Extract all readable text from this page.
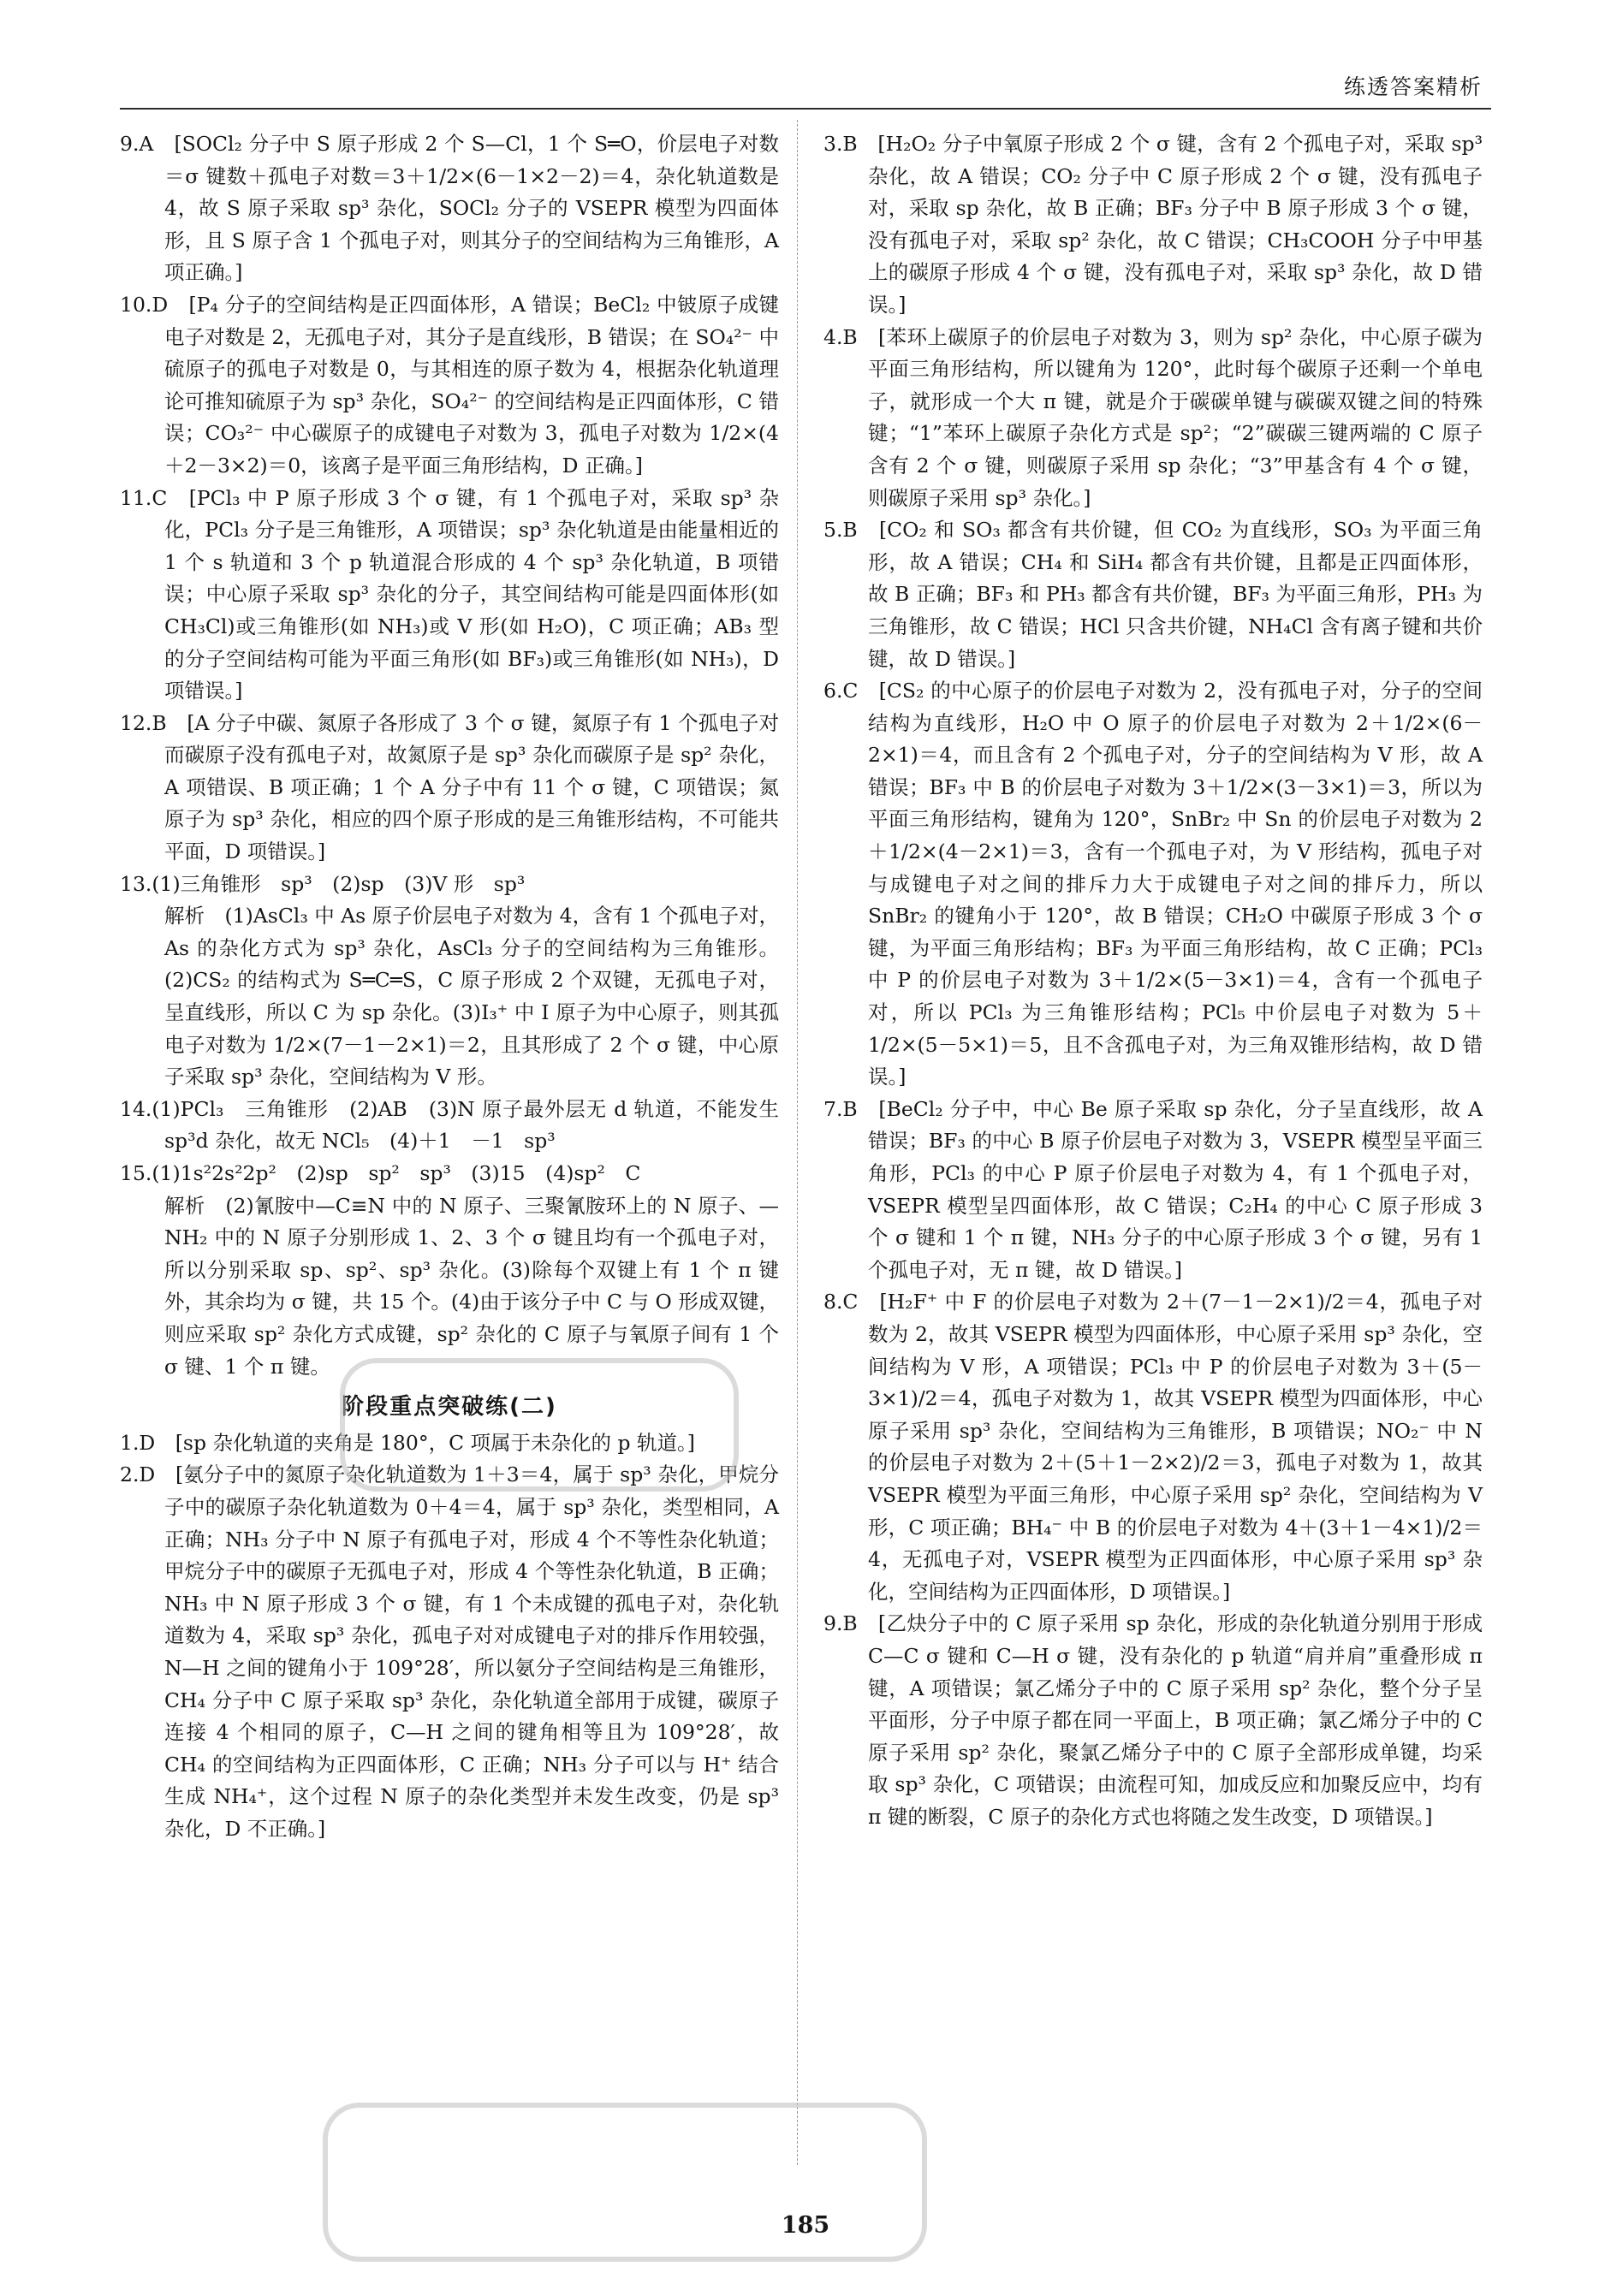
练透答案精析

9.A　[SOCl₂ 分子中 S 原子形成 2 个 S—Cl，1 个 S═O，价层电子对数＝σ 键数＋孤电子对数＝3＋1/2×(6－1×2－2)＝4，杂化轨道数是 4，故 S 原子采取 sp³ 杂化，SOCl₂ 分子的 VSEPR 模型为四面体形，且 S 原子含 1 个孤电子对，则其分子的空间结构为三角锥形，A 项正确。]

10.D　[P₄ 分子的空间结构是正四面体形，A 错误；BeCl₂ 中铍原子成键电子对数是 2，无孤电子对，其分子是直线形，B 错误；在 SO₄²⁻ 中硫原子的孤电子对数是 0，与其相连的原子数为 4，根据杂化轨道理论可推知硫原子为 sp³ 杂化，SO₄²⁻ 的空间结构是正四面体形，C 错误；CO₃²⁻ 中心碳原子的成键电子对数为 3，孤电子对数为 1/2×(4＋2－3×2)＝0，该离子是平面三角形结构，D 正确。]

11.C　[PCl₃ 中 P 原子形成 3 个 σ 键，有 1 个孤电子对，采取 sp³ 杂化，PCl₃ 分子是三角锥形，A 项错误；sp³ 杂化轨道是由能量相近的 1 个 s 轨道和 3 个 p 轨道混合形成的 4 个 sp³ 杂化轨道，B 项错误；中心原子采取 sp³ 杂化的分子，其空间结构可能是四面体形(如 CH₃Cl)或三角锥形(如 NH₃)或 V 形(如 H₂O)，C 项正确；AB₃ 型的分子空间结构可能为平面三角形(如 BF₃)或三角锥形(如 NH₃)，D 项错误。]

12.B　[A 分子中碳、氮原子各形成了 3 个 σ 键，氮原子有 1 个孤电子对而碳原子没有孤电子对，故氮原子是 sp³ 杂化而碳原子是 sp² 杂化，A 项错误、B 项正确；1 个 A 分子中有 11 个 σ 键，C 项错误；氮原子为 sp³ 杂化，相应的四个原子形成的是三角锥形结构，不可能共平面，D 项错误。]

13.(1)三角锥形　sp³　(2)sp　(3)V 形　sp³

解析　(1)AsCl₃ 中 As 原子价层电子对数为 4，含有 1 个孤电子对，As 的杂化方式为 sp³ 杂化，AsCl₃ 分子的空间结构为三角锥形。(2)CS₂ 的结构式为 S═C═S，C 原子形成 2 个双键，无孤电子对，呈直线形，所以 C 为 sp 杂化。(3)I₃⁺ 中 I 原子为中心原子，则其孤电子对数为 1/2×(7－1－2×1)＝2，且其形成了 2 个 σ 键，中心原子采取 sp³ 杂化，空间结构为 V 形。

14.(1)PCl₃　三角锥形　(2)AB　(3)N 原子最外层无 d 轨道，不能发生 sp³d 杂化，故无 NCl₅　(4)＋1　－1　sp³

15.(1)1s²2s²2p²　(2)sp　sp²　sp³　(3)15　(4)sp²　C

解析　(2)氰胺中—C≡N 中的 N 原子、三聚氰胺环上的 N 原子、—NH₂ 中的 N 原子分别形成 1、2、3 个 σ 键且均有一个孤电子对，所以分别采取 sp、sp²、sp³ 杂化。(3)除每个双键上有 1 个 π 键外，其余均为 σ 键，共 15 个。(4)由于该分子中 C 与 O 形成双键，则应采取 sp² 杂化方式成键，sp² 杂化的 C 原子与氧原子间有 1 个 σ 键、1 个 π 键。

阶段重点突破练(二)

1.D　[sp 杂化轨道的夹角是 180°，C 项属于未杂化的 p 轨道。]

2.D　[氨分子中的氮原子杂化轨道数为 1＋3＝4，属于 sp³ 杂化，甲烷分子中的碳原子杂化轨道数为 0＋4＝4，属于 sp³ 杂化，类型相同，A 正确；NH₃ 分子中 N 原子有孤电子对，形成 4 个不等性杂化轨道；甲烷分子中的碳原子无孤电子对，形成 4 个等性杂化轨道，B 正确；NH₃ 中 N 原子形成 3 个 σ 键，有 1 个未成键的孤电子对，杂化轨道数为 4，采取 sp³ 杂化，孤电子对对成键电子对的排斥作用较强，N—H 之间的键角小于 109°28′，所以氨分子空间结构是三角锥形，CH₄ 分子中 C 原子采取 sp³ 杂化，杂化轨道全部用于成键，碳原子连接 4 个相同的原子，C—H 之间的键角相等且为 109°28′，故 CH₄ 的空间结构为正四面体形，C 正确；NH₃ 分子可以与 H⁺ 结合生成 NH₄⁺，这个过程 N 原子的杂化类型并未发生改变，仍是 sp³ 杂化，D 不正确。]

3.B　[H₂O₂ 分子中氧原子形成 2 个 σ 键，含有 2 个孤电子对，采取 sp³ 杂化，故 A 错误；CO₂ 分子中 C 原子形成 2 个 σ 键，没有孤电子对，采取 sp 杂化，故 B 正确；BF₃ 分子中 B 原子形成 3 个 σ 键，没有孤电子对，采取 sp² 杂化，故 C 错误；CH₃COOH 分子中甲基上的碳原子形成 4 个 σ 键，没有孤电子对，采取 sp³ 杂化，故 D 错误。]

4.B　[苯环上碳原子的价层电子对数为 3，则为 sp² 杂化，中心原子碳为平面三角形结构，所以键角为 120°，此时每个碳原子还剩一个单电子，就形成一个大 π 键，就是介于碳碳单键与碳碳双键之间的特殊键；“1”苯环上碳原子杂化方式是 sp²；“2”碳碳三键两端的 C 原子含有 2 个 σ 键，则碳原子采用 sp 杂化；“3”甲基含有 4 个 σ 键，则碳原子采用 sp³ 杂化。]

5.B　[CO₂ 和 SO₃ 都含有共价键，但 CO₂ 为直线形，SO₃ 为平面三角形，故 A 错误；CH₄ 和 SiH₄ 都含有共价键，且都是正四面体形，故 B 正确；BF₃ 和 PH₃ 都含有共价键，BF₃ 为平面三角形，PH₃ 为三角锥形，故 C 错误；HCl 只含共价键，NH₄Cl 含有离子键和共价键，故 D 错误。]

6.C　[CS₂ 的中心原子的价层电子对数为 2，没有孤电子对，分子的空间结构为直线形，H₂O 中 O 原子的价层电子对数为 2＋1/2×(6－2×1)＝4，而且含有 2 个孤电子对，分子的空间结构为 V 形，故 A 错误；BF₃ 中 B 的价层电子对数为 3＋1/2×(3－3×1)＝3，所以为平面三角形结构，键角为 120°，SnBr₂ 中 Sn 的价层电子对数为 2＋1/2×(4－2×1)＝3，含有一个孤电子对，为 V 形结构，孤电子对与成键电子对之间的排斥力大于成键电子对之间的排斥力，所以 SnBr₂ 的键角小于 120°，故 B 错误；CH₂O 中碳原子形成 3 个 σ 键，为平面三角形结构；BF₃ 为平面三角形结构，故 C 正确；PCl₃ 中 P 的价层电子对数为 3＋1/2×(5－3×1)＝4，含有一个孤电子对，所以 PCl₃ 为三角锥形结构；PCl₅ 中价层电子对数为 5＋1/2×(5－5×1)＝5，且不含孤电子对，为三角双锥形结构，故 D 错误。]

7.B　[BeCl₂ 分子中，中心 Be 原子采取 sp 杂化，分子呈直线形，故 A 错误；BF₃ 的中心 B 原子价层电子对数为 3，VSEPR 模型呈平面三角形，PCl₃ 的中心 P 原子价层电子对数为 4，有 1 个孤电子对，VSEPR 模型呈四面体形，故 C 错误；C₂H₄ 的中心 C 原子形成 3 个 σ 键和 1 个 π 键，NH₃ 分子的中心原子形成 3 个 σ 键，另有 1 个孤电子对，无 π 键，故 D 错误。]

8.C　[H₂F⁺ 中 F 的价层电子对数为 2＋(7－1－2×1)/2＝4，孤电子对数为 2，故其 VSEPR 模型为四面体形，中心原子采用 sp³ 杂化，空间结构为 V 形，A 项错误；PCl₃ 中 P 的价层电子对数为 3＋(5－3×1)/2＝4，孤电子对数为 1，故其 VSEPR 模型为四面体形，中心原子采用 sp³ 杂化，空间结构为三角锥形，B 项错误；NO₂⁻ 中 N 的价层电子对数为 2＋(5＋1－2×2)/2＝3，孤电子对数为 1，故其 VSEPR 模型为平面三角形，中心原子采用 sp² 杂化，空间结构为 V 形，C 项正确；BH₄⁻ 中 B 的价层电子对数为 4＋(3＋1－4×1)/2＝4，无孤电子对，VSEPR 模型为正四面体形，中心原子采用 sp³ 杂化，空间结构为正四面体形，D 项错误。]

9.B　[乙炔分子中的 C 原子采用 sp 杂化，形成的杂化轨道分别用于形成 C—C σ 键和 C—H σ 键，没有杂化的 p 轨道“肩并肩”重叠形成 π 键，A 项错误；氯乙烯分子中的 C 原子采用 sp² 杂化，整个分子呈平面形，分子中原子都在同一平面上，B 项正确；氯乙烯分子中的 C 原子采用 sp² 杂化，聚氯乙烯分子中的 C 原子全部形成单键，均采取 sp³ 杂化，C 项错误；由流程可知，加成反应和加聚反应中，均有 π 键的断裂，C 原子的杂化方式也将随之发生改变，D 项错误。]

185
